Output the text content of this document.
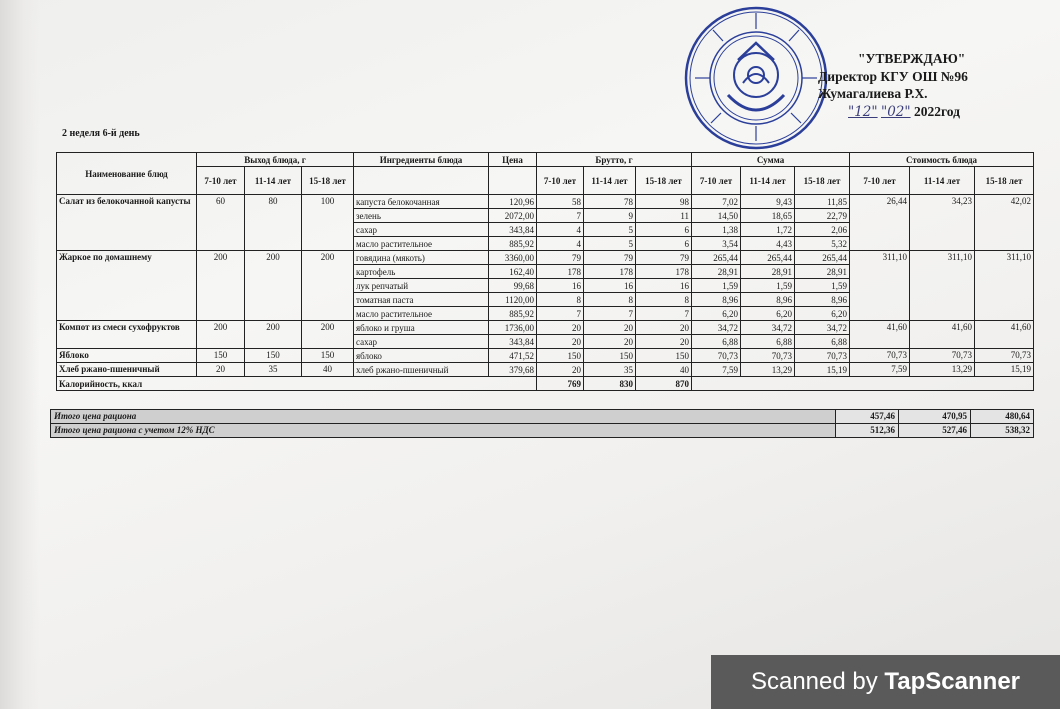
"УТВЕРЖДАЮ"
Директор КГУ ОШ №96
Жумагалиева Р.Х.
"12" "02" 2022год
2 неделя 6-й день
Наименование блюд	Выход блюда, г			Ингредиенты блюда	Цена	Брутто, г			Сумма			Стоимость блюда		
	7-10 лет	11-14 лет	15-18 лет			7-10 лет	11-14 лет	15-18 лет	7-10 лет	11-14 лет	15-18 лет	7-10 лет	11-14 лет	15-18 лет
Салат из белокочанной капусты	60	80	100	капуста белокочанная	120,96	58	78	98	7,02	9,43	11,85	26,44	34,23	42,02
				зелень	2072,00	7	9	11	14,50	18,65	22,79			
				сахар	343,84	4	5	6	1,38	1,72	2,06			
				масло растительное	885,92	4	5	6	3,54	4,43	5,32			
Жаркое по домашнему	200	200	200	говядина (мякоть)	3360,00	79	79	79	265,44	265,44	265,44	311,10	311,10	311,10
				картофель	162,40	178	178	178	28,91	28,91	28,91			
				лук репчатый	99,68	16	16	16	1,59	1,59	1,59			
				томатная паста	1120,00	8	8	8	8,96	8,96	8,96			
				масло растительное	885,92	7	7	7	6,20	6,20	6,20			
Компот из смеси сухофруктов	200	200	200	яблоко и груша	1736,00	20	20	20	34,72	34,72	34,72	41,60	41,60	41,60
				сахар	343,84	20	20	20	6,88	6,88	6,88			
Яблоко	150	150	150	яблоко	471,52	150	150	150	70,73	70,73	70,73	70,73	70,73	70,73
Хлеб ржано-пшеничный	20	35	40	хлеб ржано-пшеничный	379,68	20	35	40	7,59	13,29	15,19	7,59	13,29	15,19
Калорийность, ккал						769	830	870						
Итого цена рациона	457,46	470,95	480,64
Итого цена рациона с учетом 12% НДС	512,36	527,46	538,32
Scanned by TapScanner
